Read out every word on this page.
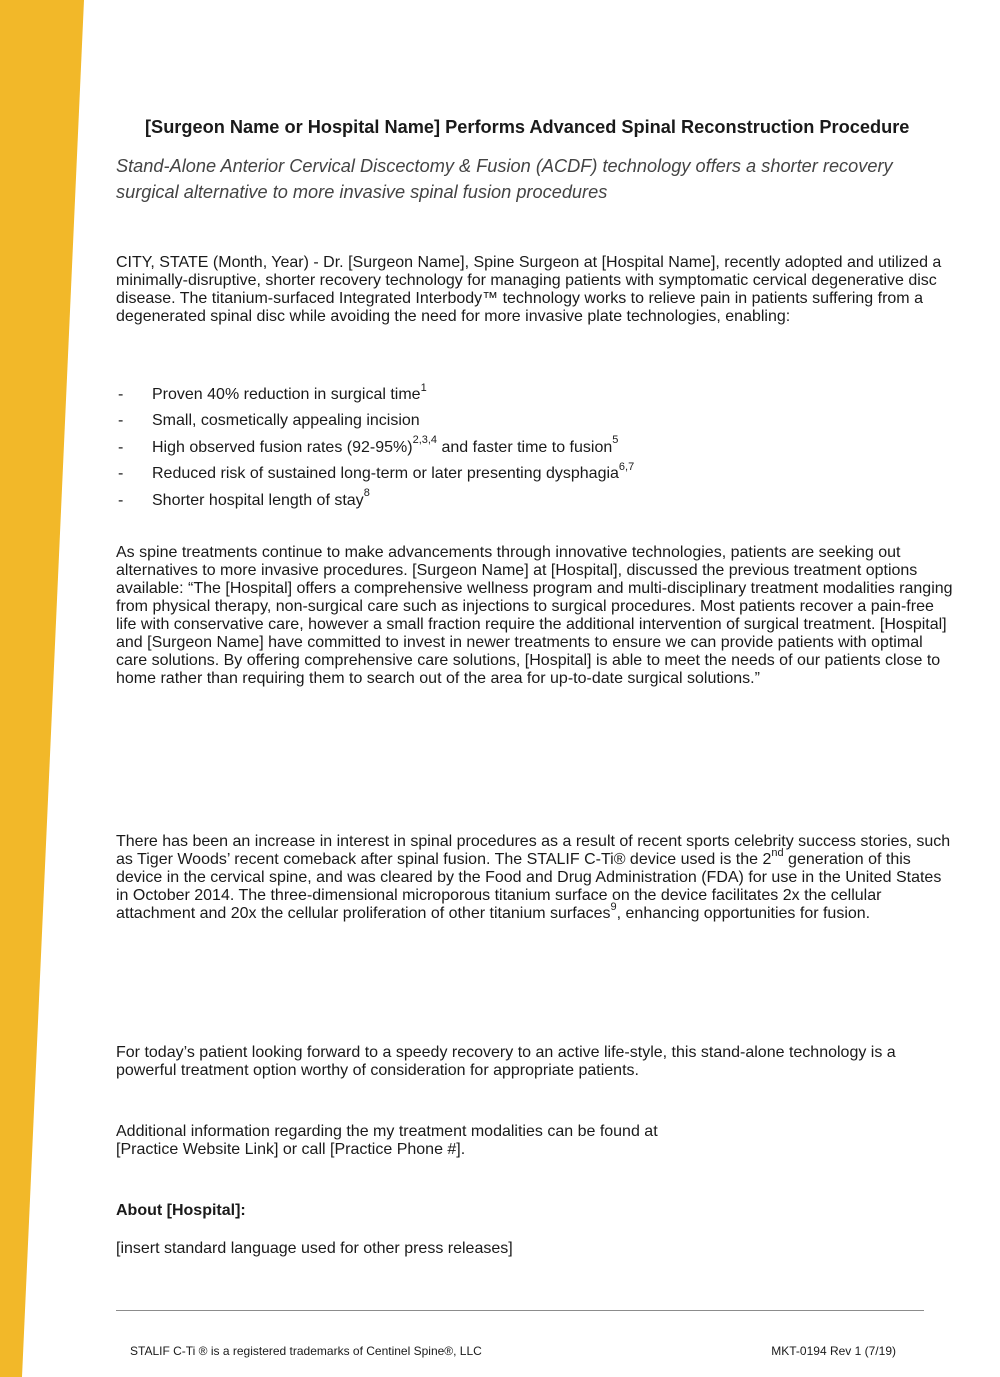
[Surgeon Name or Hospital Name] Performs Advanced Spinal Reconstruction Procedure
Stand-Alone Anterior Cervical Discectomy & Fusion (ACDF) technology offers a shorter recovery surgical alternative to more invasive spinal fusion procedures

CITY, STATE (Month, Year) - Dr. [Surgeon Name], Spine Surgeon at [Hospital Name], recently adopted and utilized a minimally-disruptive, shorter recovery technology for managing patients with symptomatic cervical degenerative disc disease. The titanium-surfaced Integrated Interbody™ technology works to relieve pain in patients suffering from a degenerated spinal disc while avoiding the need for more invasive plate technologies, enabling:

- Proven 40% reduction in surgical time$^1$
- Small, cosmetically appealing incision
- High observed fusion rates $(92-95\%)^{2,3,4}$ and faster time to fusion$^5$
- Reduced risk of sustained long-term or later presenting dysphagia$^{6,7}$
- Shorter hospital length of stay$^8$

As spine treatments continue to make advancements through innovative technologies, patients are seeking out alternatives to more invasive procedures. [Surgeon Name] at [Hospital], discussed the previous treatment options available: “The [Hospital] offers a comprehensive wellness program and multi-disciplinary treatment modalities ranging from physical therapy, non-surgical care such as injections to surgical procedures. Most patients recover a pain-free life with conservative care, however a small fraction require the additional intervention of surgical treatment. [Hospital] and [Surgeon Name] have committed to invest in newer treatments to ensure we can provide patients with optimal care solutions. By offering comprehensive care solutions, [Hospital] is able to meet the needs of our patients close to home rather than requiring them to search out of the area for up-to-date surgical solutions.”

There has been an increase in interest in spinal procedures as a result of recent sports celebrity success stories, such as Tiger Woods’ recent comeback after spinal fusion. The STALIF C-Ti® device used is the 2nd generation of this device in the cervical spine, and was cleared by the Food and Drug Administration (FDA) for use in the United States in October 2014. The three-dimensional microporous titanium surface on the device facilitates 2x the cellular attachment and 20x the cellular proliferation of other titanium surfaces$^9$, enhancing opportunities for fusion.

For today’s patient looking forward to a speedy recovery to an active life-style, this stand-alone technology is a powerful treatment option worthy of consideration for appropriate patients.

Additional information regarding the my treatment modalities can be found at
[Practice Website Link] or call [Practice Phone #].

About [Hospital]:

[insert standard language used for other press releases]

STALIF C-Ti ® is a registered trademarks of Centinel Spine®, LLC	MKT-0194 Rev 1 (7/19)
